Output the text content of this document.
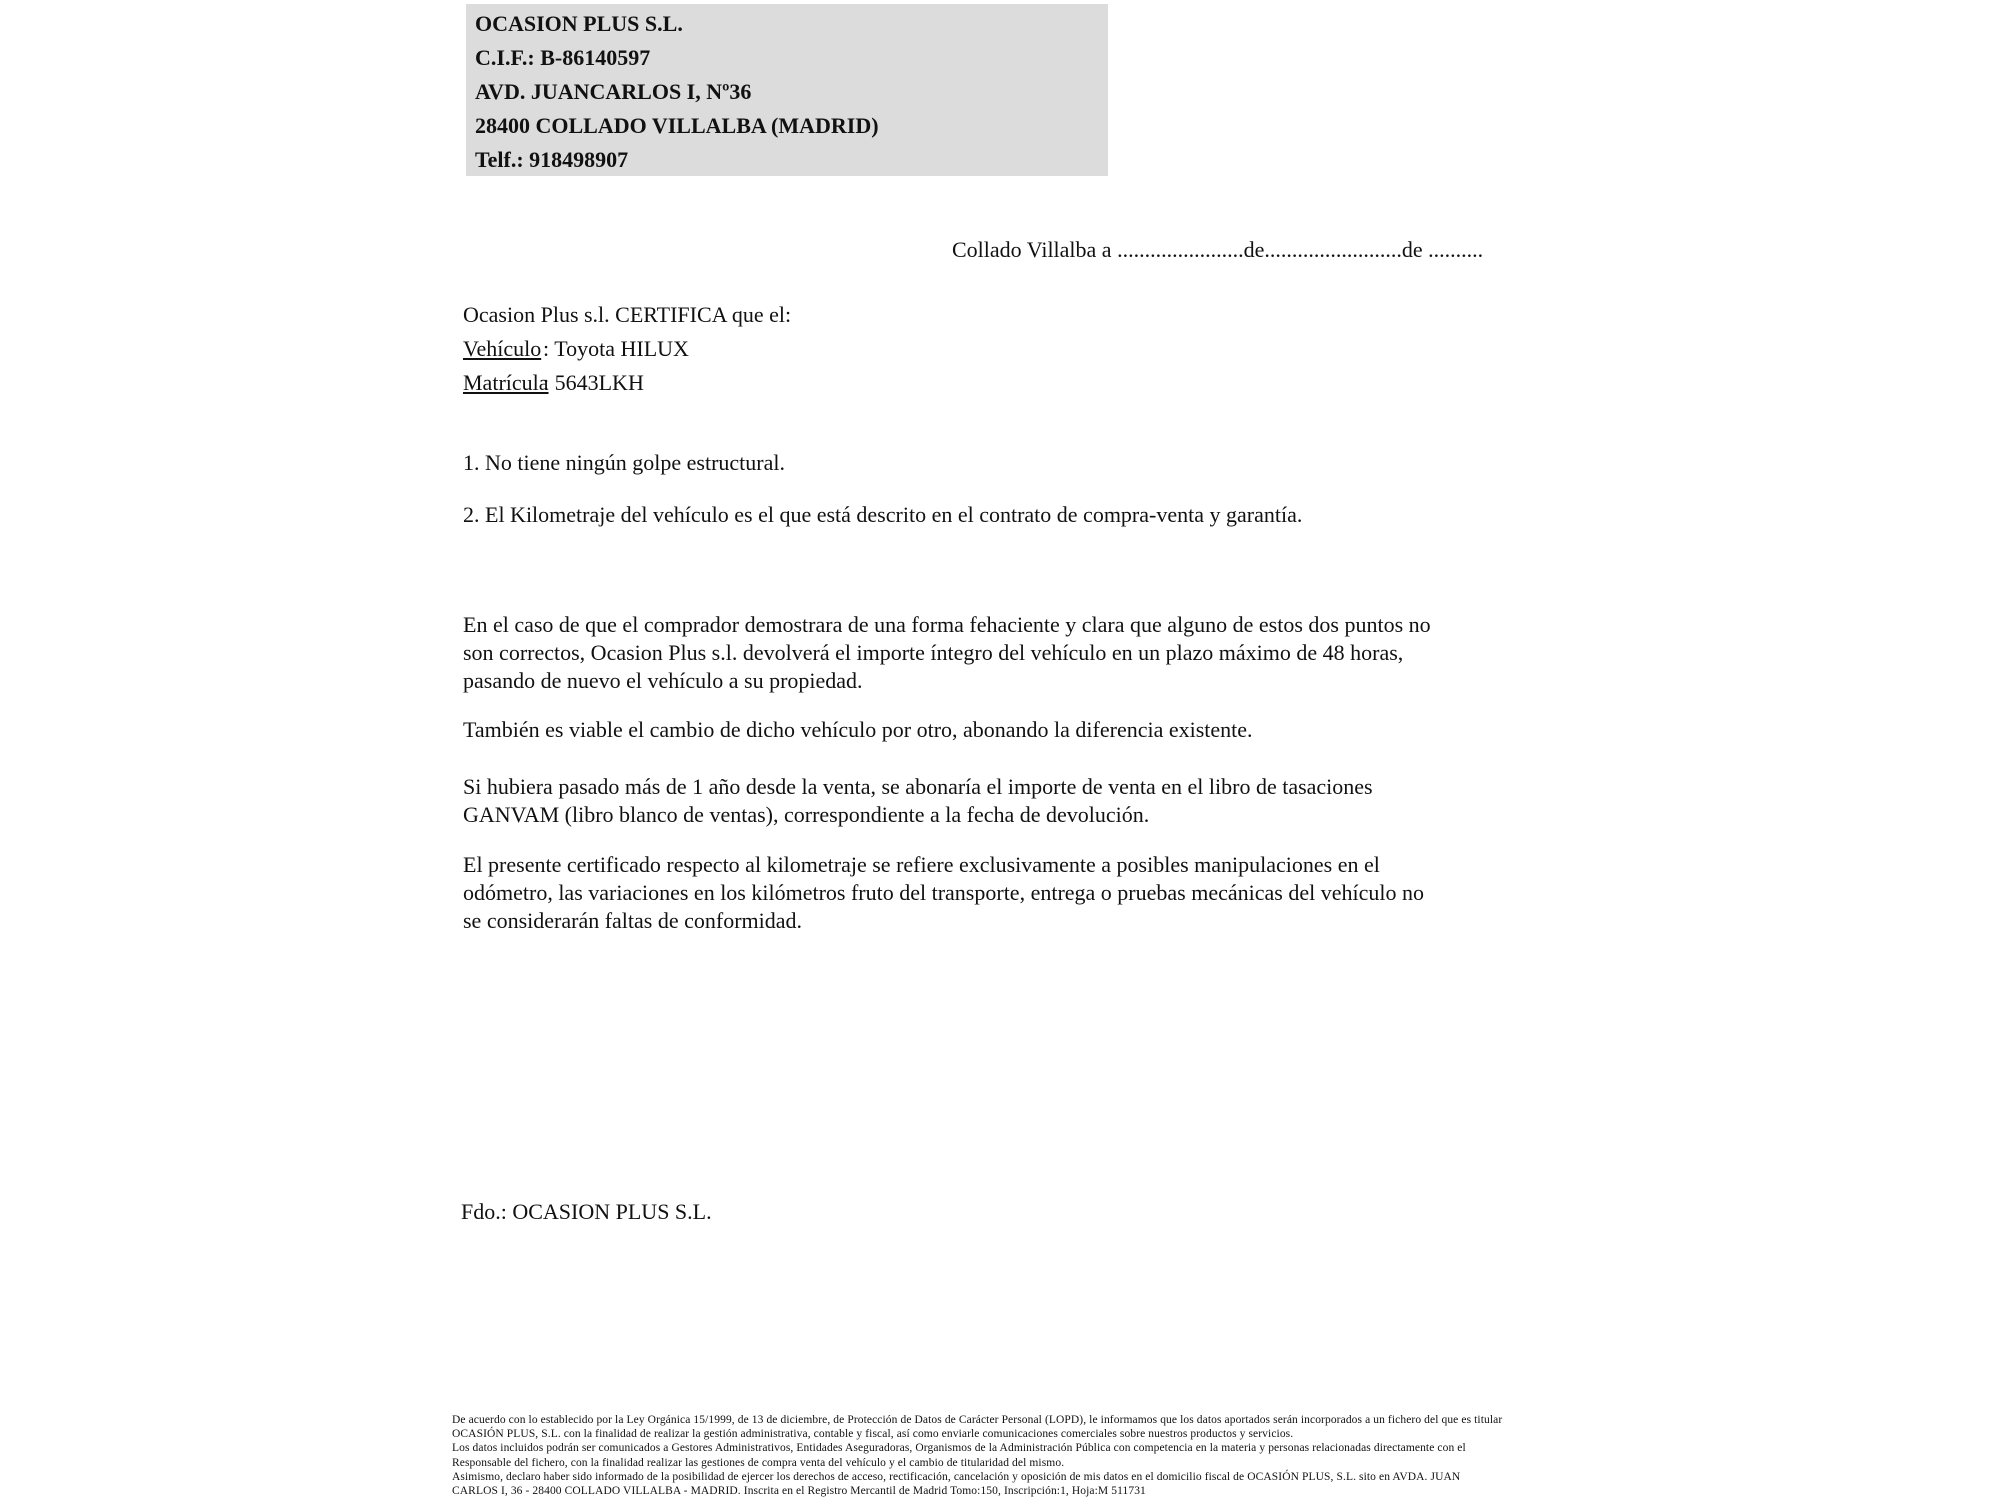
OCASION PLUS S.L.
C.I.F.: B-86140597
AVD. JUANCARLOS I, Nº36
28400 COLLADO VILLALBA (MADRID)
Telf.: 918498907
Collado Villalba a .......................de.........................de ..........
Ocasion Plus s.l. CERTIFICA que el:
Vehículo: Toyota HILUX
Matrícula: 5643LKH
1. No tiene ningún golpe estructural.
2. El Kilometraje del vehículo es el que está descrito en el contrato de compra-venta y garantía.
En el caso de que el comprador demostrara de una forma fehaciente y clara que alguno de estos dos puntos no
son correctos, Ocasion Plus s.l. devolverá el importe íntegro del vehículo en un plazo máximo de 48 horas,
pasando de nuevo el vehículo a su propiedad.
También es viable el cambio de dicho vehículo por otro, abonando la diferencia existente.
Si hubiera pasado más de 1 año desde la venta, se abonaría el importe de venta en el libro de tasaciones
GANVAM (libro blanco de ventas), correspondiente a la fecha de devolución.
El presente certificado respecto al kilometraje se refiere exclusivamente a posibles manipulaciones en el
odómetro, las variaciones en los kilómetros fruto del transporte, entrega o pruebas mecánicas del vehículo no
se considerarán faltas de conformidad.
Fdo.: OCASION PLUS S.L.
De acuerdo con lo establecido por la Ley Orgánica 15/1999, de 13 de diciembre, de Protección de Datos de Carácter Personal (LOPD), le informamos que los datos aportados serán incorporados a un fichero del que es titular
OCASIÓN PLUS, S.L. con la finalidad de realizar la gestión administrativa, contable y fiscal, así como enviarle comunicaciones comerciales sobre nuestros productos y servicios.
Los datos incluidos podrán ser comunicados a Gestores Administrativos, Entidades Aseguradoras, Organismos de la Administración Pública con competencia en la materia y personas relacionadas directamente con el
Responsable del fichero, con la finalidad realizar las gestiones de compra venta del vehículo y el cambio de titularidad del mismo.
Asimismo, declaro haber sido informado de la posibilidad de ejercer los derechos de acceso, rectificación, cancelación y oposición de mis datos en el domicilio fiscal de OCASIÓN PLUS, S.L. sito en AVDA. JUAN
CARLOS I, 36 - 28400 COLLADO VILLALBA - MADRID. Inscrita en el Registro Mercantil de Madrid Tomo:150, Inscripción:1, Hoja:M 511731
